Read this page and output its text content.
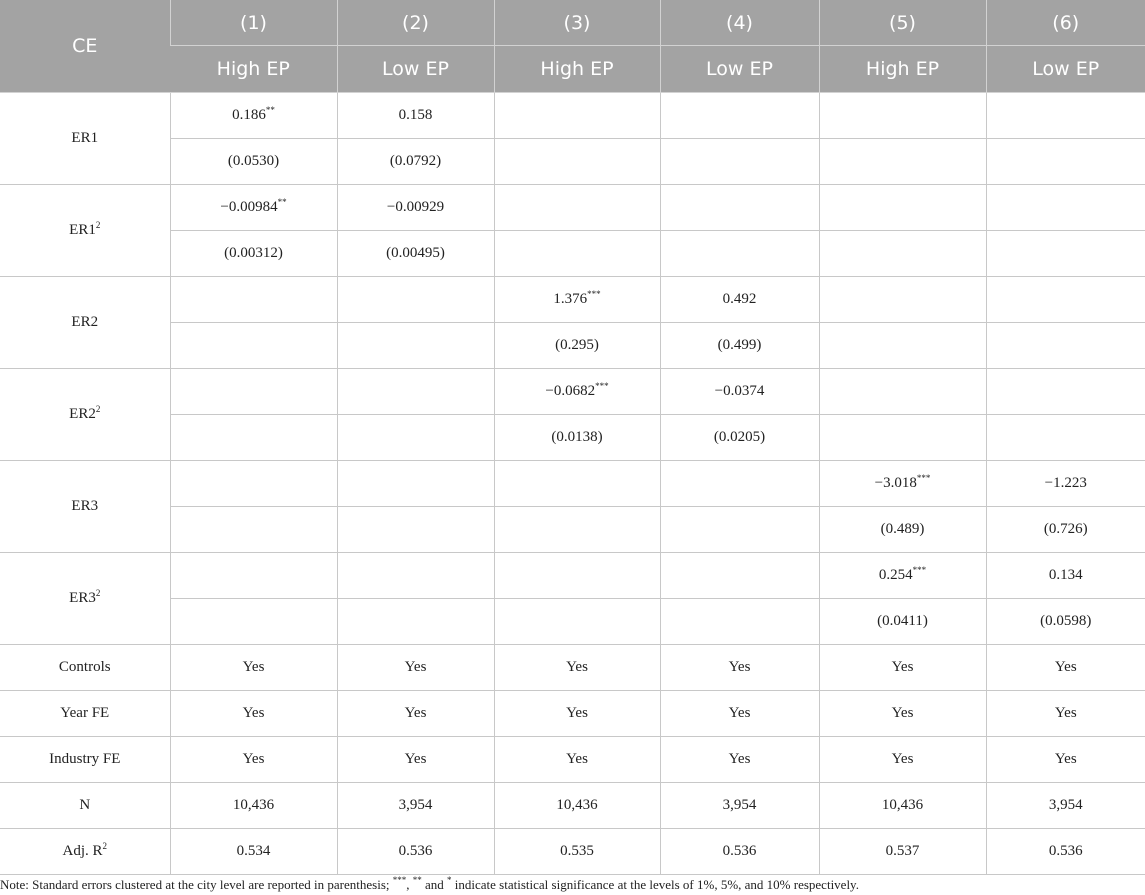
CE	(1)	(2)	(3)	(4)	(5)	(6)
	High EP	Low EP	High EP	Low EP	High EP	Low EP
ER1	0.186**	0.158				
	(0.0530)	(0.0792)				
$ER1^2$	−0.00984**	−0.00929				
	(0.00312)	(0.00495)				
ER2			1.376***	0.492		
			(0.295)	(0.499)		
$ER2^2$			−0.0682***	−0.0374		
			(0.0138)	(0.0205)		
ER3					−3.018***	−1.223
					(0.489)	(0.726)
$ER3^2$					0.254***	0.134
					(0.0411)	(0.0598)
Controls	Yes	Yes	Yes	Yes	Yes	Yes
Year FE	Yes	Yes	Yes	Yes	Yes	Yes
Industry FE	Yes	Yes	Yes	Yes	Yes	Yes
N	10,436	3,954	10,436	3,954	10,436	3,954
Adj. $R^2$	0.534	0.536	0.535	0.536	0.537	0.536
Note: Standard errors clustered at the city level are reported in parenthesis; ***, ** and * indicate statistical significance at the levels of 1%, 5%, and 10% respectively.
